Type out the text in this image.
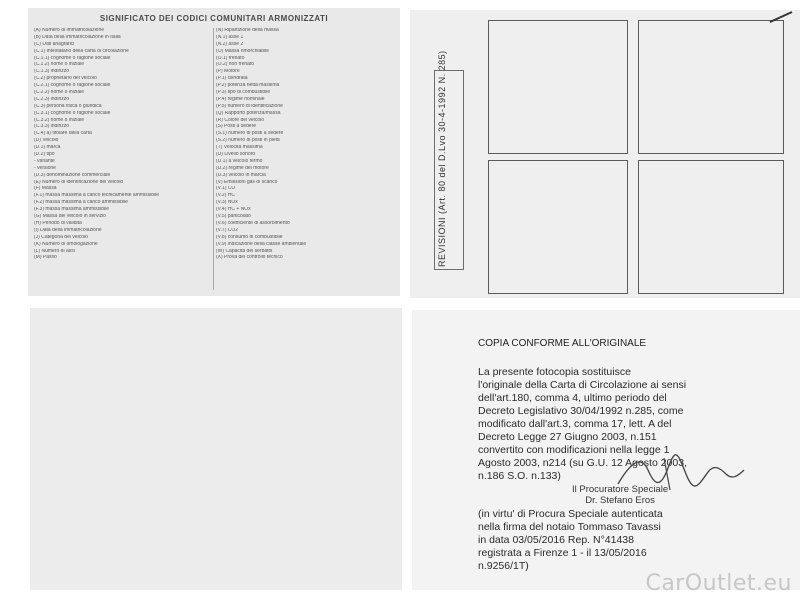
SIGNIFICATO DEI CODICI COMUNITARI ARMONIZZATI
(A) Numero di immatricolazione
(B) Data della immatricolazione in Italia
(C) Dati anagrafici
(C.1) Intestatario della carta di circolazione
(C.1.1) cognome o ragione sociale
(C.1.2) nome o iniziale
(C.1.3) indirizzo
(C.2) proprietario del veicolo
(C.2.1) cognome o ragione sociale
(C.2.2) nome o iniziale
(C.2.3) indirizzo
(C.3) persona fisica o giuridica
(C.3.1) cognome o ragione sociale
(C.3.2) nome o iniziale
(C.3.3) indirizzo
(C.4) a) titolare della carta
(D) Veicolo
(D.1) marca
(D.2) tipo
- variante
- versione
(D.3) denominazione commerciale
(E) Numero di identificazione del veicolo
(F) Massa
(F.1) massa massima a carico tecnicamente ammissibile
(F.2) massa massima a carico ammissibile
(F.3) massa massima ammissibile
(G) Massa del veicolo in servizio
(H) Periodo di validità
(I) Data della immatricolazione
(J) Categoria del veicolo
(K) Numero di omologazione
(L) Numero di assi
(M) Passo
(N) Ripartizione della massa
(N.1) asse 1
(N.2) asse 2
(O) Massa rimorchiabile
(O.1) frenato
(O.2) non frenato
(P) Motore
(P.1) cilindrata
(P.2) potenza netta massima
(P.3) tipo di combustibile
(P.4) regime nominale
(P.5) numero di identificazione
(Q) Rapporto potenza/massa
(R) Colore del veicolo
(S) Posti a sedere
(S.1) numero di posti a sedere
(S.2) numero di posti in piedi
(T) Velocità massima
(U) Livello sonoro
(U.1) a veicolo fermo
(U.2) regime del motore
(U.3) veicolo in marcia
(V) Emissioni gas di scarico
(V.1) CO
(V.2) HC
(V.3) NOx
(V.4) HC + NOx
(V.5) particolato
(V.6) coefficiente di assorbimento
(V.7) CO2
(V.8) consumo di combustibile
(V.9) indicazione della classe ambientale
(W) Capacità dei serbatoi
(X) Prova del controllo tecnico	REVISIONI (Art. 80 del D.Lvo 30-4-1992 N. 285)
COPIA CONFORME ALL'ORIGINALE
La presente fotocopia sostituisce
l'originale della Carta di Circolazione ai sensi
dell'art.180, comma 4, ultimo periodo del
Decreto Legislativo 30/04/1992 n.285, come
modificato dall'art.3, comma 17, lett. A del
Decreto Legge 27 Giugno 2003, n.151
convertito con modificazioni nella legge 1
Agosto 2003, n214 (su G.U. 12 Agosto 2003,
n.186 S.O. n.133)
Il Procuratore Speciale
Dr. Stefano Eros
(in virtu' di Procura Speciale autenticata
nella firma del notaio Tommaso Tavassi
in data 03/05/2016 Rep. N°41438
registrata a Firenze 1 - il 13/05/2016
n.9256/1T)
CarOutlet.eu
